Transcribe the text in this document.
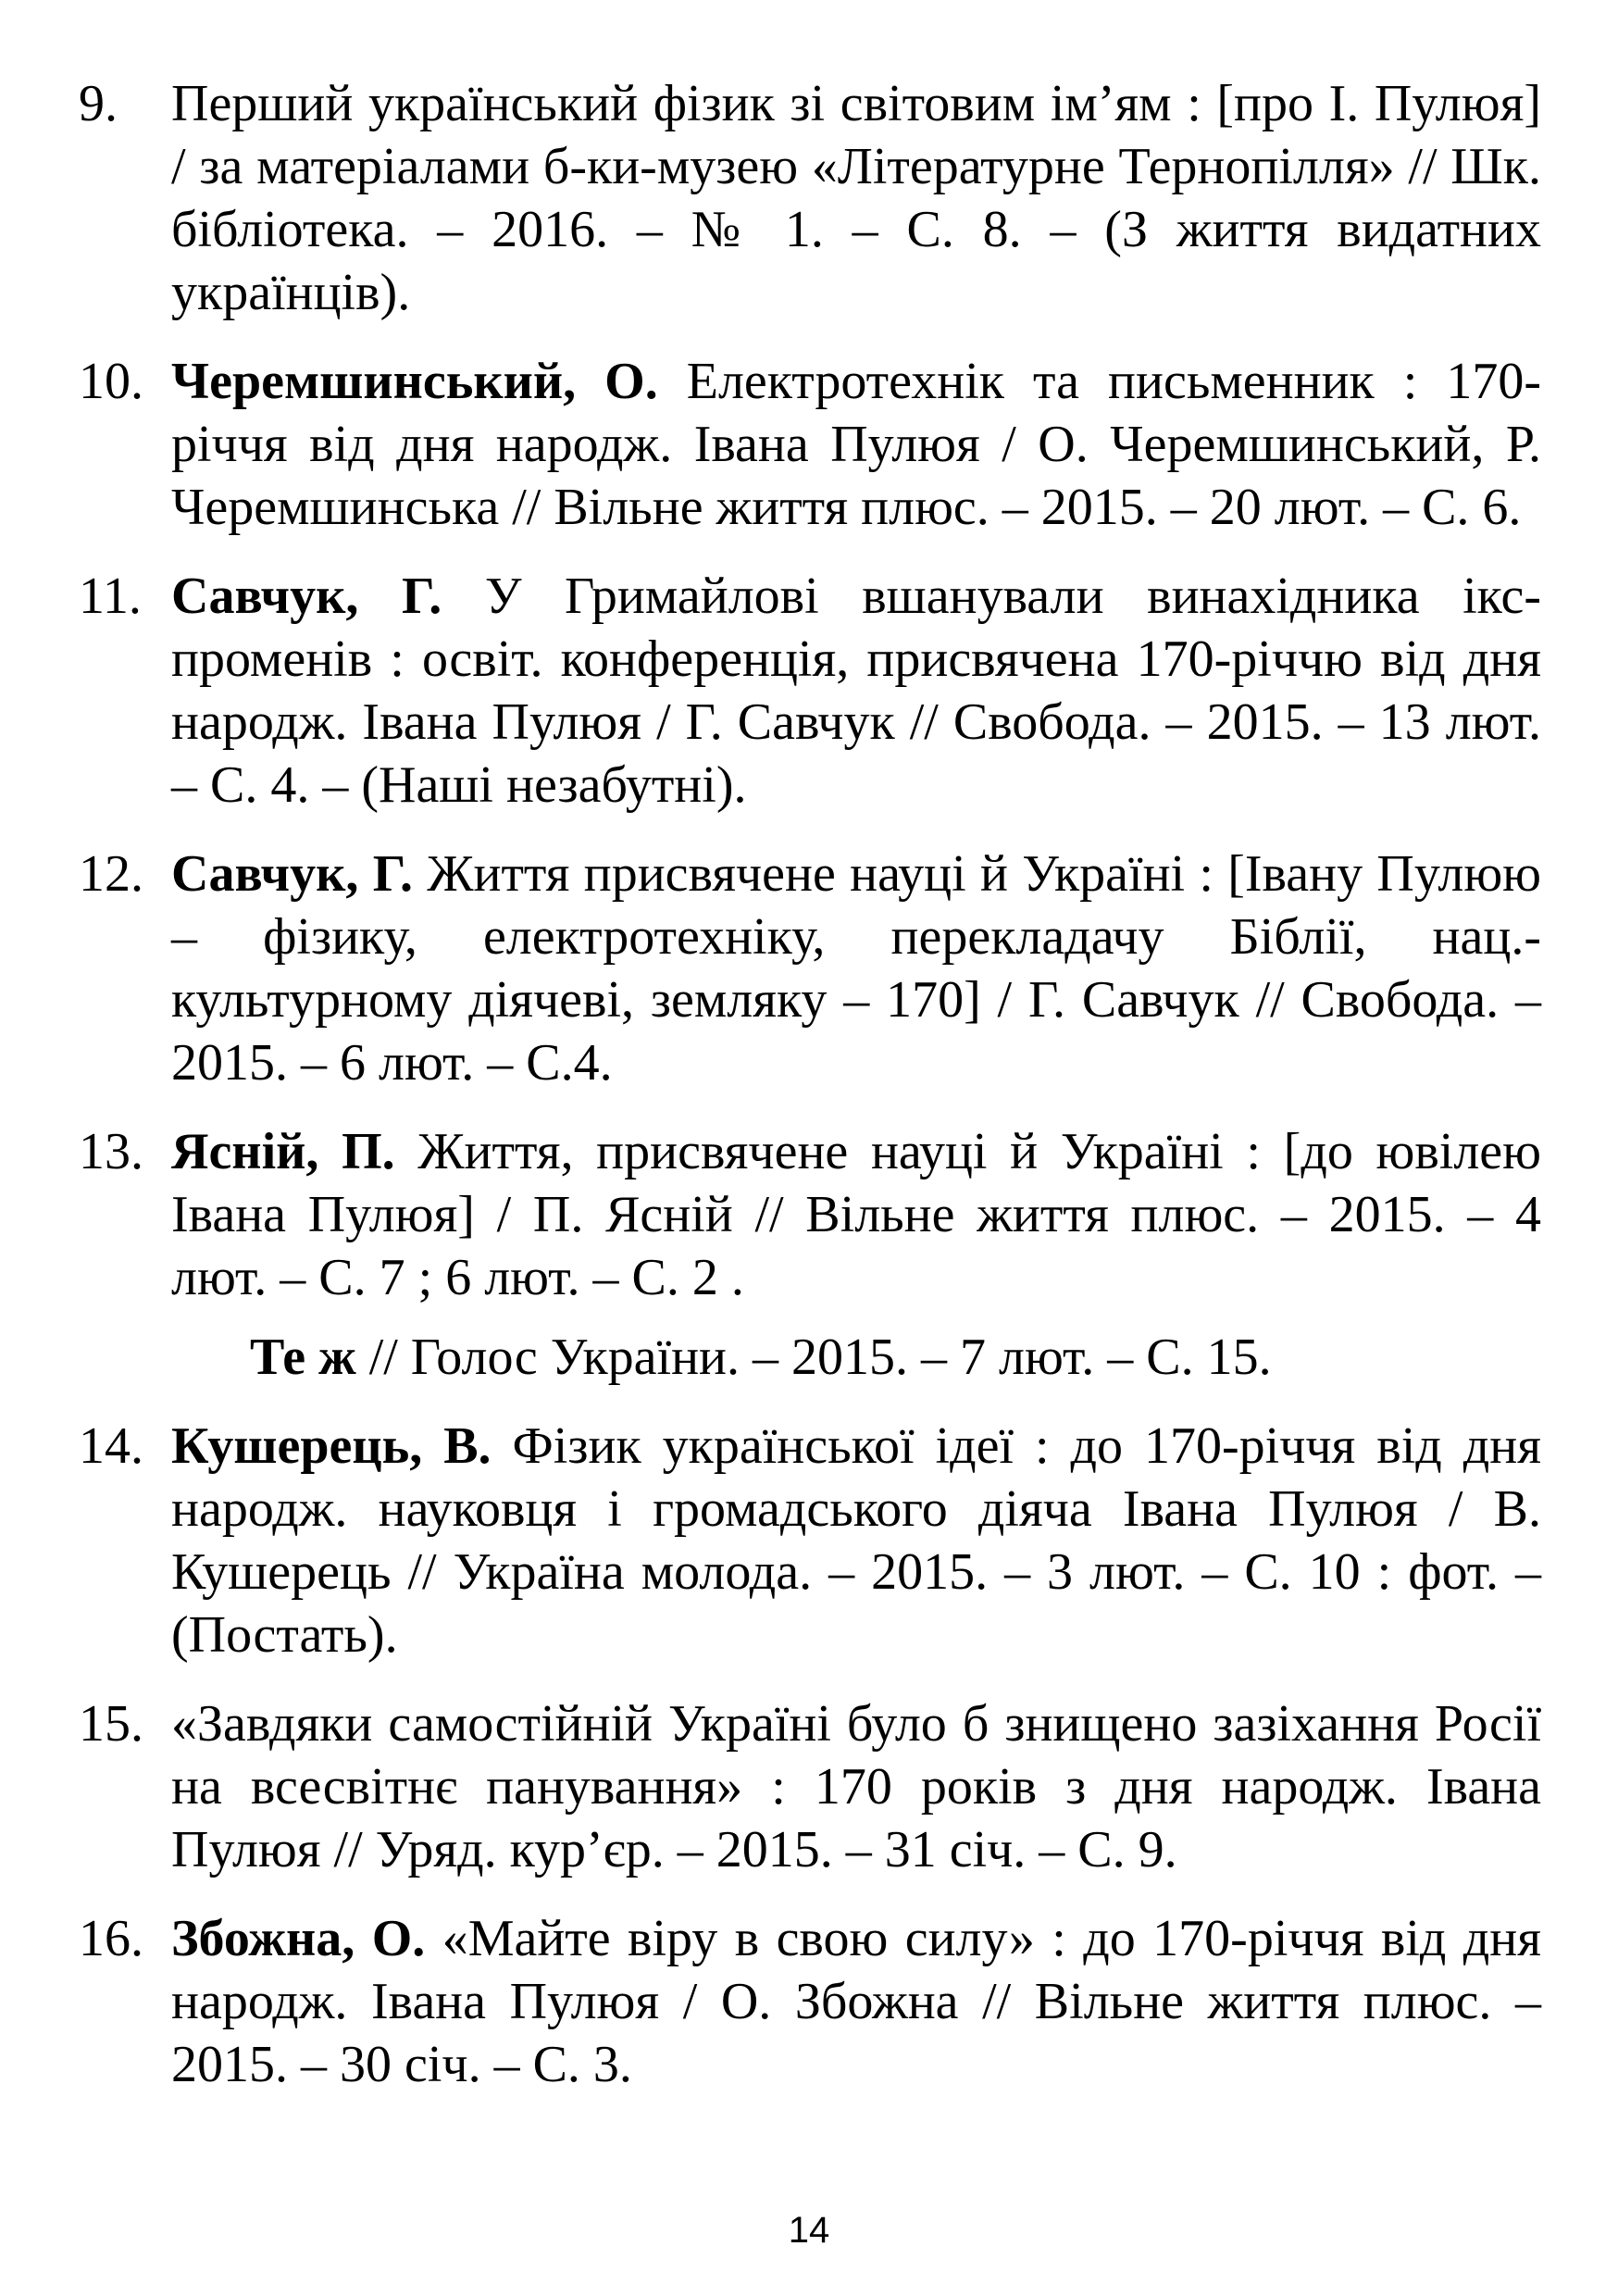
9.	Перший український фізик зі світовим ім’ям : [про І. Пулюя] / за матеріалами б-ки-музею «Літературне Тернопілля» // Шк. бібліотека. – 2016. – № 1. – С. 8. – (З життя видатних українців).
10. Черемшинський, О. Електротехнік та письменник : 170-річчя від дня народж. Івана Пулюя / О. Черемшинський, Р. Черемшинська // Вільне життя плюс. – 2015. – 20 лют. – С. 6.
11. Савчук, Г. У Гримайлові вшанували винахідника ікс-променів : освіт. конференція, присвячена 170-річчю від дня народж. Івана Пулюя / Г. Савчук // Свобода. – 2015. – 13 лют. – С. 4. – (Наші незабутні).
12. Савчук, Г. Життя присвячене науці й Україні : [Івану Пулюю – фізику, електротехніку, перекладачу Біблії, нац.-культурному діячеві, земляку – 170] / Г. Савчук // Свобода. – 2015. – 6 лют. – С.4.
13. Ясній, П. Життя, присвячене науці й Україні : [до ювілею Івана Пулюя] / П. Ясній // Вільне життя плюс. – 2015. – 4 лют. – С. 7 ; 6 лют. – С. 2 .
Те ж // Голос України. – 2015. – 7 лют. – С. 15.
14. Кушерець, В. Фізик української ідеї : до 170-річчя від дня народж. науковця і громадського діяча Івана Пулюя / В. Кушерець // Україна молода. – 2015. – 3 лют. – С. 10 : фот. – (Постать).
15. «Завдяки самостійній Україні було б знищено зазіхання Росії на всесвітнє панування» : 170 років з дня народж. Івана Пулюя // Уряд. кур’єр. – 2015. – 31 січ. – С. 9.
16. Збожна, О. «Майте віру в свою силу» : до 170-річчя від дня народж. Івана Пулюя / О. Збожна // Вільне життя плюс. – 2015. – 30 січ. – С. 3.
14
